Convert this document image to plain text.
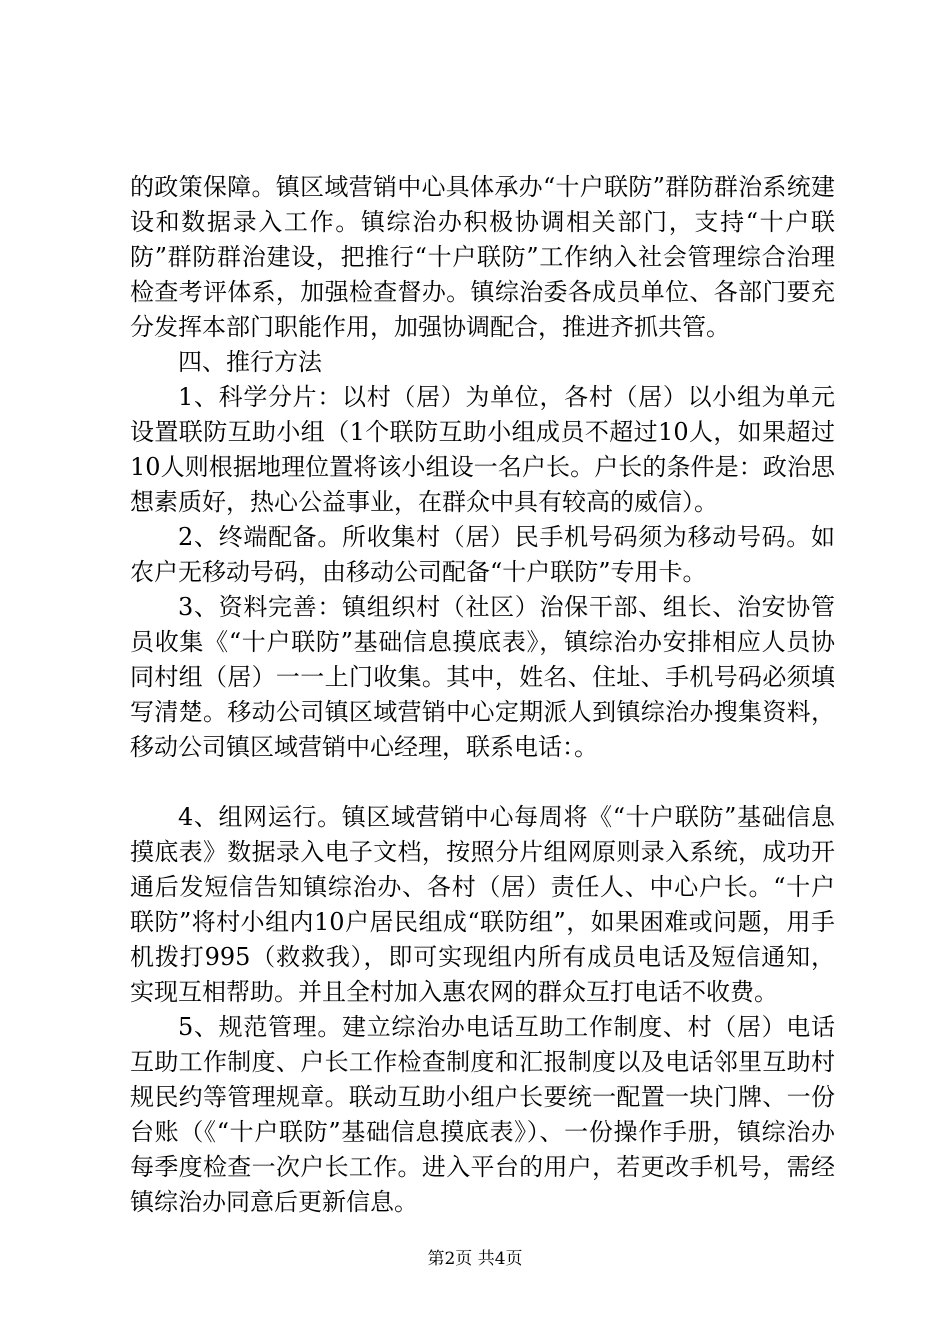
的政策保障。镇区域营销中心具体承办“十户联防”群防群治系统建设和数据录入工作。镇综治办积极协调相关部门，支持“十户联防”群防群治建设，把推行“十户联防”工作纳入社会管理综合治理检查考评体系，加强检查督办。镇综治委各成员单位、各部门要充分发挥本部门职能作用，加强协调配合，推进齐抓共管。

四、推行方法

1、科学分片：以村（居）为单位，各村（居）以小组为单元设置联防互助小组（1个联防互助小组成员不超过10人，如果超过10人则根据地理位置将该小组设一名户长。户长的条件是：政治思想素质好，热心公益事业，在群众中具有较高的威信）。

2、终端配备。所收集村（居）民手机号码须为移动号码。如农户无移动号码，由移动公司配备“十户联防”专用卡。

3、资料完善：镇组织村（社区）治保干部、组长、治安协管员收集《“十户联防”基础信息摸底表》，镇综治办安排相应人员协同村组（居）一一上门收集。其中，姓名、住址、手机号码必须填写清楚。移动公司镇区域营销中心定期派人到镇综治办搜集资料，移动公司镇区域营销中心经理，联系电话：。

4、组网运行。镇区域营销中心每周将《“十户联防”基础信息摸底表》数据录入电子文档，按照分片组网原则录入系统，成功开通后发短信告知镇综治办、各村（居）责任人、中心户长。“十户联防”将村小组内10户居民组成“联防组”，如果困难或问题，用手机拨打995（救救我），即可实现组内所有成员电话及短信通知，实现互相帮助。并且全村加入惠农网的群众互打电话不收费。

5、规范管理。建立综治办电话互助工作制度、村（居）电话互助工作制度、户长工作检查制度和汇报制度以及电话邻里互助村规民约等管理规章。联动互助小组户长要统一配置一块门牌、一份台账（《“十户联防”基础信息摸底表》）、一份操作手册，镇综治办每季度检查一次户长工作。进入平台的用户，若更改手机号，需经镇综治办同意后更新信息。

第2页 共4页
